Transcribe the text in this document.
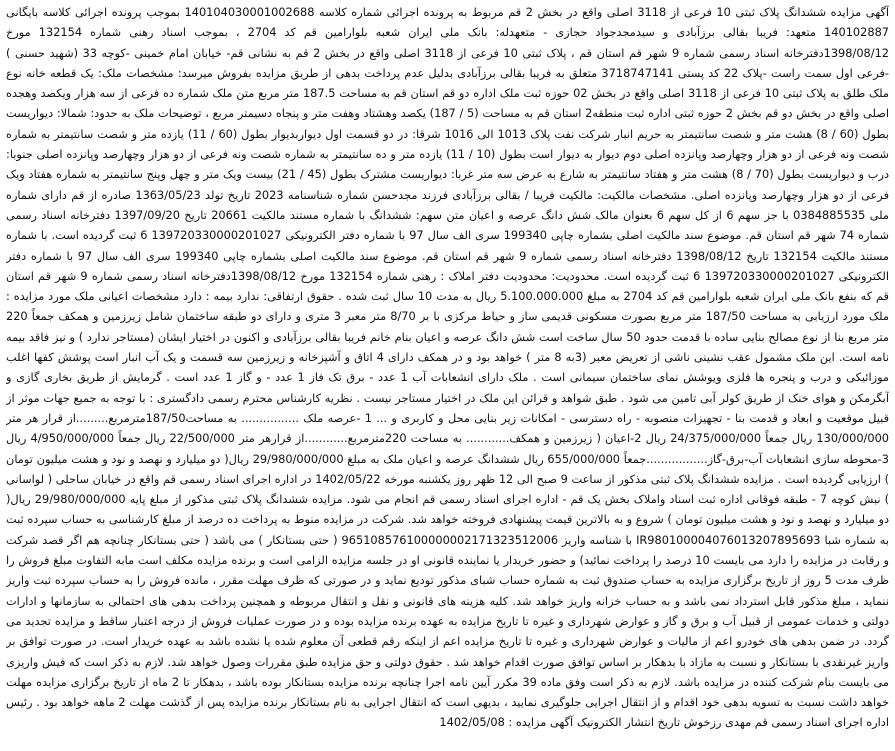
آگهی مزایده ششدانگ پلاک ثبتی 10 فرعی از 3118 اصلی واقع در بخش 2 قم مربوط به پرونده اجرائی شماره کلاسه 140104030001002688 بموجب پرونده اجرائی کلاسه بایگانی 140102887 متعهد: فریبا بقالی برزآبادی و سیدمجدجواد حجازی - متعهدله: بانک ملی ایران شعبه بلوارامین قم کد 2704 ، بموجب اسناد رهنی شماره 132154 مورخ 1398/08/12دفترخانه اسناد رسمی شماره 9 شهر قم استان قم ، پلاک ثبتی 10 فرعی از 3118 اصلی واقع در بخش 2 قم به نشانی قم- خیابان امام خمینی -کوچه 33 (شهید حسنی ) -فرعی اول سمت راست -پلاک 22 کد پستی 3718747141 متعلق به فریبا بقالی برزآبادی بدلیل عدم پرداخت بدهی از طریق مزایده بفروش میرسد: مشخصات ملک: یک قطعه خانه نوع ملک طلق به پلاک ثبتی 10 فرعی از 3118 اصلی واقع در بخش 02 حوزه ثبت ملک اداره دو قم استان قم به مساحت 187.5 متر مربع متن ملک شماره ده فرعی از سه هزار ویکصد وهجده اصلی واقع در بخش دو قم بخش 2 حوزه ثبتی اداره ثبت منطقه2 استان قم به مساحت (5 / 187) یکصد وهشتاد وهفت متر و پنجاه دسیمتر مربع ، توضیحات ملک به حدود: شمالا: دیواریست بطول (60 / 8) هشت متر و شصت سانتیمتر به حریم انبار شرکت نفت پلاک 1013 الی 1016 شرقا: در دو قسمت اول دیواربدیوار بطول (60 / 11) یازده متر و شصت سانتیمتر به شماره شصت ونه فرعی از دو هزار وچهارصد وپانزده اصلی دوم دیوار به دیوار است بطول (10 / 11) یازده متر و ده سانتیمتر به شماره شصت ونه فرعی از دو هزار وچهارصد وپانزده اصلی جنوبا: درب و دیواریست بطول (70 / 8) هشت متر و هفتاد سانتیمتر به شارع به عرض سه متر غربا: دیواریست مشترک بطول (45 / 21) بیست ویک متر و چهل وپنج سانتیمتر به شماره هفتاد ویک فرعی از دو هزار وچهارصد وپانزده اصلی. مشخصات مالکیت: مالکیت فریبا / بقالی برزآبادی فرزند مجدحسن شماره شناسنامه 2023 تاریخ تولد 1363/05/23 صادره از قم دارای شماره ملی 0384885535 با جز سهم 6 از کل سهم 6 بعنوان مالک شش دانگ عرصه و اعیان متن سهم: ششدانگ با شماره مستند مالکیت 20661 تاریخ 1397/09/20 دفترخانه اسناد رسمی شماره 74 شهر قم استان قم. موضوع سند مالکیت اصلی بشماره چاپی 199340 سری الف سال 97 با شماره دفتر الکترونیکی 139720330000201027 6 ثبت گردیده است. با شماره مستند مالکیت 132154 تاریخ 1398/08/12 دفترخانه اسناد رسمی شماره 9 شهر قم استان قم. موضوع سند مالکیت اصلی بشماره چاپی 199340 سری الف سال 97 با شماره دفتر الکترونیکی 139720330000201027 6 ثبت گردیده است. محدودیت: محدودیت دفتر املاک : رهنی شماره 132154 مورخ 1398/08/12دفترخانه اسناد رسمی شماره 9 شهر قم استان قم که بنفع بانک ملی ایران شعبه بلوارامین قم کد 2704 به مبلغ 5.100.000.000 ریال به مدت 10 سال ثبت شده . حقوق ارتفاقی: ندارد بیمه : دارد مشخصات اعیانی ملک مورد مزایده : ملک مورد ارزیابی به مساحت 187/50 متر مربع بصورت مسکونی قدیمی ساز و حیاط مرکزی با بر 8/70 متر معبر 3 متری و دارای دو طبقه ساختمان شامل زیرزمین و همکف جمعاً 220 متر مربع بنا از نوع مصالح بنایی ساده با قدمت حدود 50 سال ساخت است شش دانگ عرصه و اعیان بنام خانم فریبا بقالی برزآبادی و اکنون در اختیار ایشان (مستاجر ندارد ) و نیز فاقد بیمه نامه است. این ملک مشمول عقب نشینی ناشی از تعریض معبر (3به 8 متر ) خواهد بود و در همکف دارای 4 اتاق و آشپزخانه و زیرزمین سه قسمت و یک آب انبار است پوشش کفها اغلب موزائیکی و درب و پنجره ها فلزی ویوشش نمای ساختمان سیمانی است . ملک دارای انشعابات آب 1 عدد - برق تک فاز 1 عدد - و گاز 1 عدد است . گرمایش از طریق بخاری گازی و آبگرمکن و هوای خنک از طریق کولر آبی تامین می شود . طبق شواهد و قرائن این ملک در اختیار مستاجر نیست . نظریه کارشناس محترم رسمی دادگستری : با توجه به جمیع جهات موثر از قبیل موقعیت و ابعاد و قدمت بنا - تجهیزات منصوبه - راه دسترسی - امکانات زیر بنایی محل و کاربری و ... 1 -عرصه ملک ................ به مساحت187/50مترمربع.........از قرار هر متر 130/000/000 ریال جمعاً 24/375/000/000 ریال 2-اعیان ( زیرزمین و همکف............ به مساحت 220مترمربع............از قرارهر متر 22/500/000 ریال جمعاً 4/950/000/000 ریال 3-محوطه سازی انشعابات آب-برق-گاز.................جمعاً 655/000/000 ریال ششدانگ عرصه و اعیان ملک به مبلغ 29/980/000/000 ریال( دو میلیارد و نهصد و نود و هشت میلیون تومان ) ارزیابی گردیده است . مزایده ششدانگ پلاک ثبتی مذکور از ساعت 9 صبح الی 12 ظهر روز یکشنبه مورخه 1402/05/22 در اداره اجرای اسناد رسمی قم واقع در خیابان ساحلی ( لواسانی ) نبش کوچه 7 - طبقه فوقانی اداره ثبت اسناد واملاک بخش یک قم - اداره اجرای اسناد رسمی قم انجام می شود. مزایده ششدانگ پلاک ثبتی مذکور از مبلغ پایه 29/980/000/000 ریال( دو میلیارد و نهصد و نود و هشت میلیون تومان ) شروع و به بالاترین قیمت پیشنهادی فروخته خواهد شد. شرکت در مزایده منوط به پرداخت ده درصد از مبلغ کارشناسی به حساب سپرده ثبت به شماره شبا IR980100004076013207895693 با شناسه واریز 965108576100000002171323512006 ( حتی بستانکار ) می باشد ( حتی بستانکار چنانچه هم اگر قصد شرکت و رقابت در مزایده را دارد می بایست 10 درصد را پرداخت نمائید) و حضور خریدار یا نماینده قانونی او در جلسه مزایده الزامی است و برنده مزایده مکلف است مابه التفاوت مبلغ فروش را ظرف مدت 5 روز از تاریخ برگزاری مزایده به حساب صندوق ثبت به شماره حساب شبای مذکور تودیع نماید و در صورتی که ظرف مهلت مقرر ، مانده فروش را به حساب سپرده ثبت واریز ننماید ، مبلغ مذکور قابل استرداد نمی باشد و به حساب خزانه واریز خواهد شد. کلیه هزینه های قانونی و نقل و انتقال مربوطه و همچنین پرداخت بدهی های احتمالی به سازمانها و ادارات دولتی و خدمات عمومی از قبیل آب و برق و گاز و عوارض شهرداری و غیره تا تاریخ مزایده به عهده برنده مزایده بوده و در صورت عملیات فروش از درجه اعتبار ساقط و مزایده تجدید می گردد. در ضمن بدهی های خودرو اعم از مالیات و عوارض شهرداری و غیره تا تاریخ مزایده اعم از اینکه رقم قطعی آن معلوم شده یا نشده باشد به عهده خریدار است. در صورت توافق بر واریز غیرنقدی با بستانکار و نسبت به مازاد با بدهکار بر اساس توافق صورت اقدام خواهد شد . حقوق دولتی و حق مزایده طبق مقررات وصول خواهد شد. لازم به ذکر است که فیش واریزی می بایست بنام شرکت کننده در مزایده باشد. لازم به ذکر است وفق ماده 39 مکرر آیین نامه اجرا چنانچه برنده مزایده بستانکار بوده باشد ، بدهکار تا 2 ماه از تاریخ برگزاری مزایده مهلت خواهد داشت نسبت به تسویه بدهی خود اقدام و از انتقال اجرایی جلوگیری نمایید ، بدیهی است که انتقال اجرایی به نام بستانکار برنده مزایده پس از گذشت مهلت 2 ماهه خواهد بود . رئیس اداره اجرای اسناد رسمی قم مهدی رزخوش تاریخ انتشار الکترونیک آگهی مزایده : 1402/05/08
